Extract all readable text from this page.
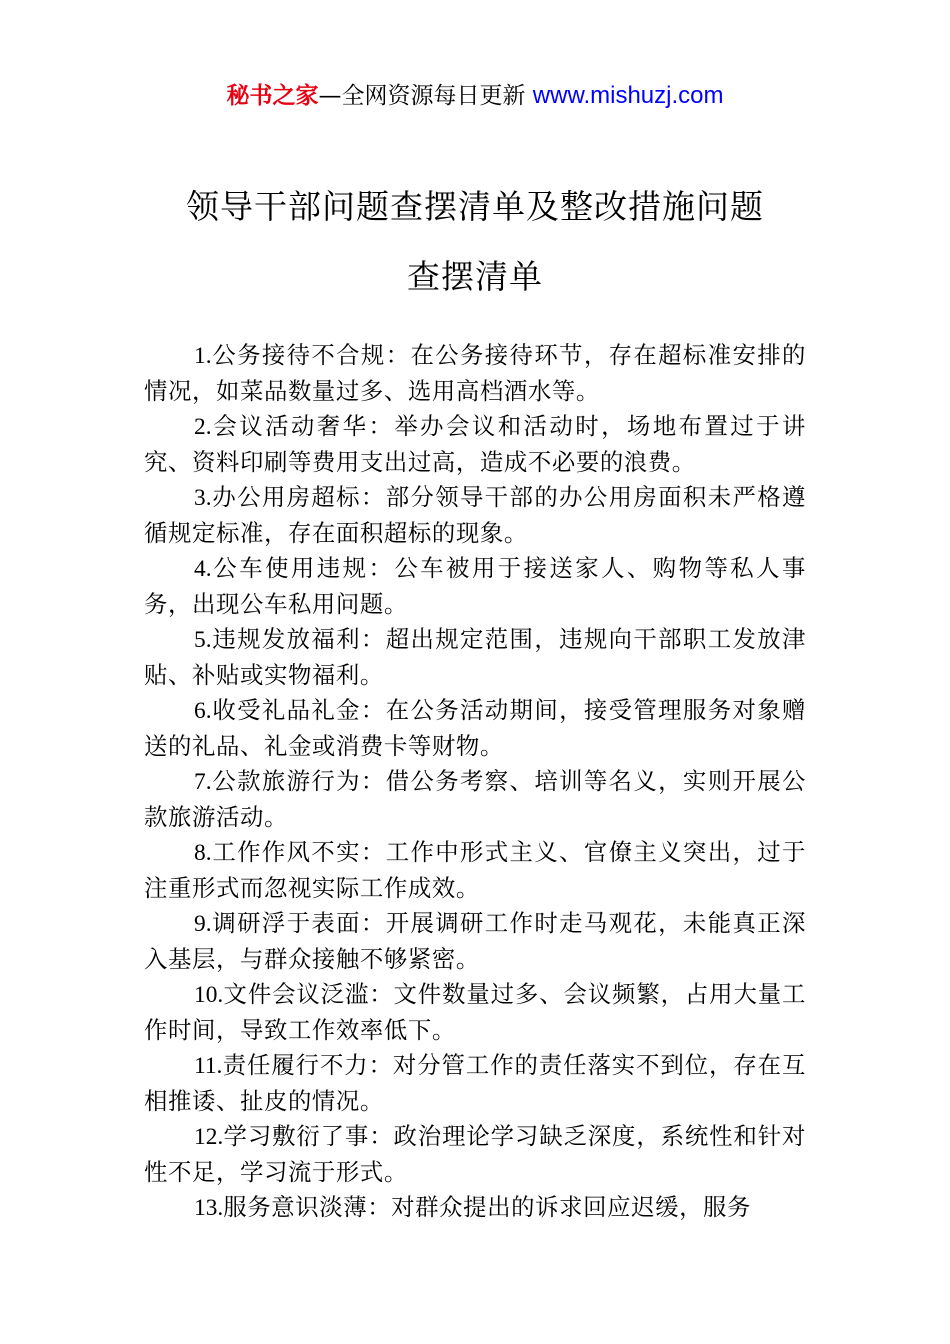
秘书之家—全网资源每日更新 www.mishuzj.com
领导干部问题查摆清单及整改措施问题
查摆清单

1.公务接待不合规：在公务接待环节，存在超标准安排的情况，如菜品数量过多、选用高档酒水等。

2.会议活动奢华：举办会议和活动时，场地布置过于讲究、资料印刷等费用支出过高，造成不必要的浪费。

3.办公用房超标：部分领导干部的办公用房面积未严格遵循规定标准，存在面积超标的现象。

4.公车使用违规：公车被用于接送家人、购物等私人事务，出现公车私用问题。

5.违规发放福利：超出规定范围，违规向干部职工发放津贴、补贴或实物福利。

6.收受礼品礼金：在公务活动期间，接受管理服务对象赠送的礼品、礼金或消费卡等财物。

7.公款旅游行为：借公务考察、培训等名义，实则开展公款旅游活动。

8.工作作风不实：工作中形式主义、官僚主义突出，过于注重形式而忽视实际工作成效。

9.调研浮于表面：开展调研工作时走马观花，未能真正深入基层，与群众接触不够紧密。

10.文件会议泛滥：文件数量过多、会议频繁，占用大量工作时间，导致工作效率低下。

11.责任履行不力：对分管工作的责任落实不到位，存在互相推诿、扯皮的情况。

12.学习敷衍了事：政治理论学习缺乏深度，系统性和针对性不足，学习流于形式。

13.服务意识淡薄：对群众提出的诉求回应迟缓，服务
